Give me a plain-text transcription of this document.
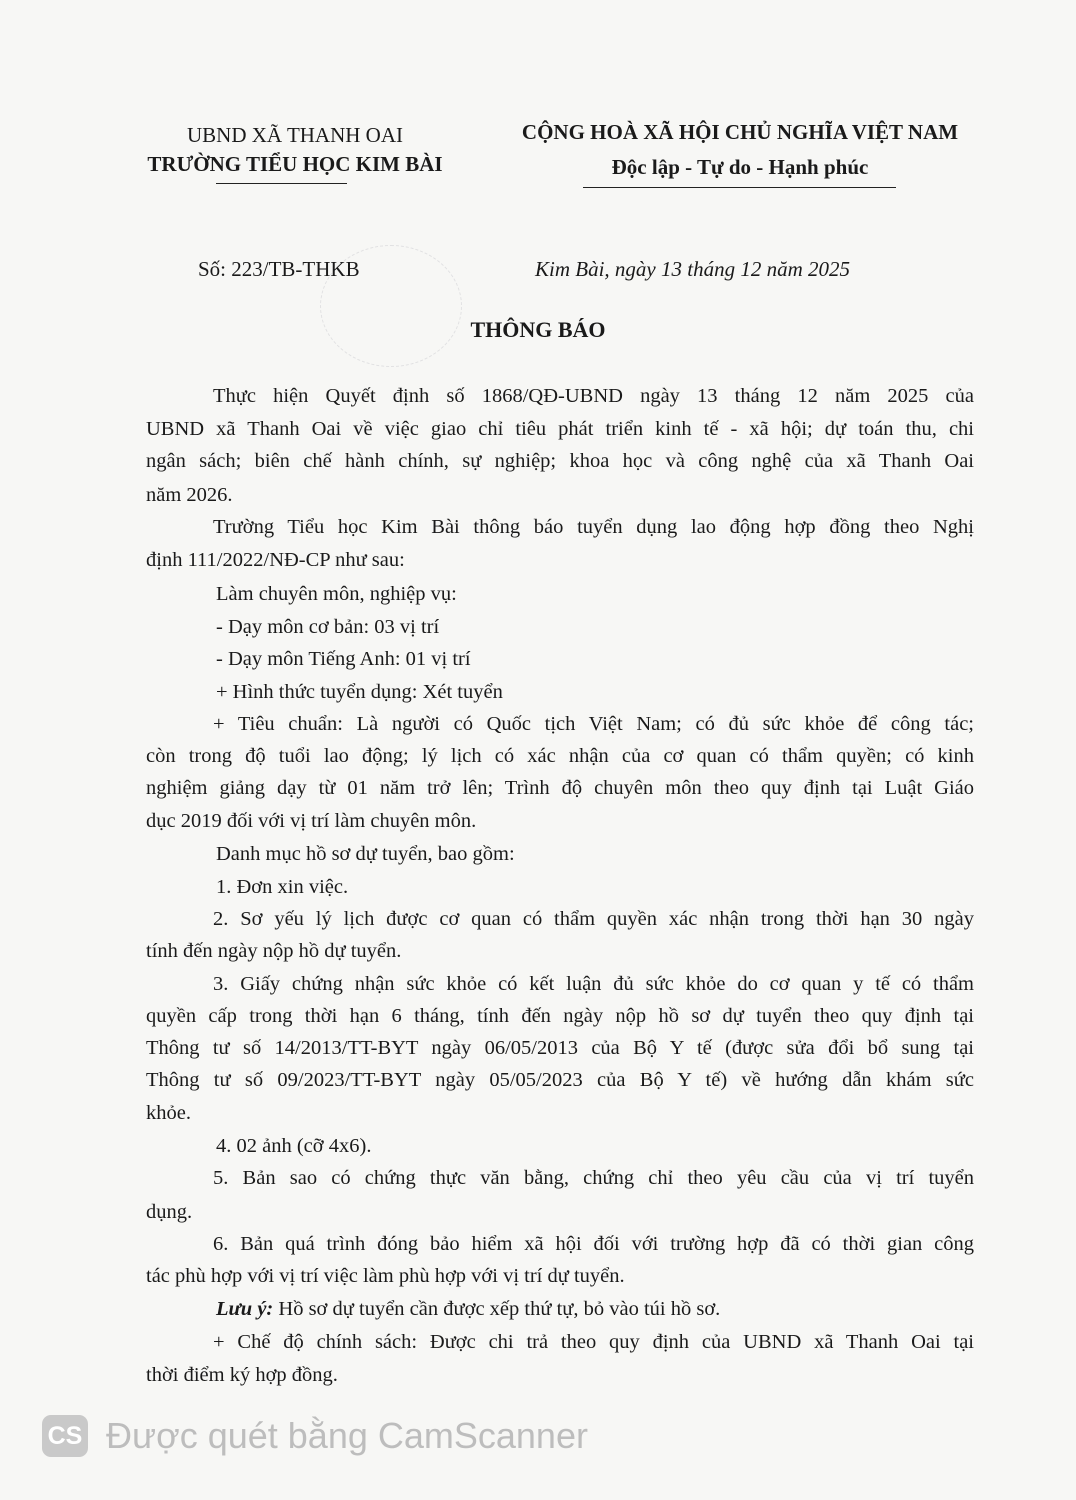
UBND XÃ THANH OAI
TRƯỜNG TIỂU HỌC KIM BÀI
CỘNG HOÀ XÃ HỘI CHỦ NGHĨA VIỆT NAM
Độc lập - Tự do - Hạnh phúc
Số: 223/TB-THKB	Kim Bài, ngày 13 tháng 12 năm 2025
THÔNG BÁO
Thực hiện Quyết định số 1868/QĐ-UBND ngày 13 tháng 12 năm 2025 của
UBND xã Thanh Oai về việc giao chỉ tiêu phát triển kinh tế - xã hội; dự toán thu, chi
ngân sách; biên chế hành chính, sự nghiệp; khoa học và công nghệ của xã Thanh Oai
năm 2026.
Trường Tiểu học Kim Bài thông báo tuyển dụng lao động hợp đồng theo Nghị
định 111/2022/NĐ-CP như sau:
Làm chuyên môn, nghiệp vụ:
- Dạy môn cơ bản: 03 vị trí
- Dạy môn Tiếng Anh: 01 vị trí
+ Hình thức tuyển dụng: Xét tuyển
+ Tiêu chuẩn: Là người có Quốc tịch Việt Nam; có đủ sức khỏe để công tác;
còn trong độ tuổi lao động; lý lịch có xác nhận của cơ quan có thẩm quyền; có kinh
nghiệm giảng dạy từ 01 năm trở lên; Trình độ chuyên môn theo quy định tại Luật Giáo
dục 2019 đối với vị trí làm chuyên môn.
Danh mục hồ sơ dự tuyển, bao gồm:
1. Đơn xin việc.
2. Sơ yếu lý lịch được cơ quan có thẩm quyền xác nhận trong thời hạn 30 ngày
tính đến ngày nộp hồ dự tuyển.
3. Giấy chứng nhận sức khỏe có kết luận đủ sức khỏe do cơ quan y tế có thẩm
quyền cấp trong thời hạn 6 tháng, tính đến ngày nộp hồ sơ dự tuyển theo quy định tại
Thông tư số 14/2013/TT-BYT ngày 06/05/2013 của Bộ Y tế (được sửa đổi bổ sung tại
Thông tư số 09/2023/TT-BYT ngày 05/05/2023 của Bộ Y tế) về hướng dẫn khám sức
khỏe.
4. 02 ảnh (cỡ 4x6).
5. Bản sao có chứng thực văn bằng, chứng chỉ theo yêu cầu của vị trí tuyển
dụng.
6. Bản quá trình đóng bảo hiểm xã hội đối với trường hợp đã có thời gian công
tác phù hợp với vị trí việc làm phù hợp với vị trí dự tuyển.
Lưu ý: Hồ sơ dự tuyển cần được xếp thứ tự, bỏ vào túi hồ sơ.
+ Chế độ chính sách: Được chi trả theo quy định của UBND xã Thanh Oai tại
thời điểm ký hợp đồng.
CS Được quét bằng CamScanner
